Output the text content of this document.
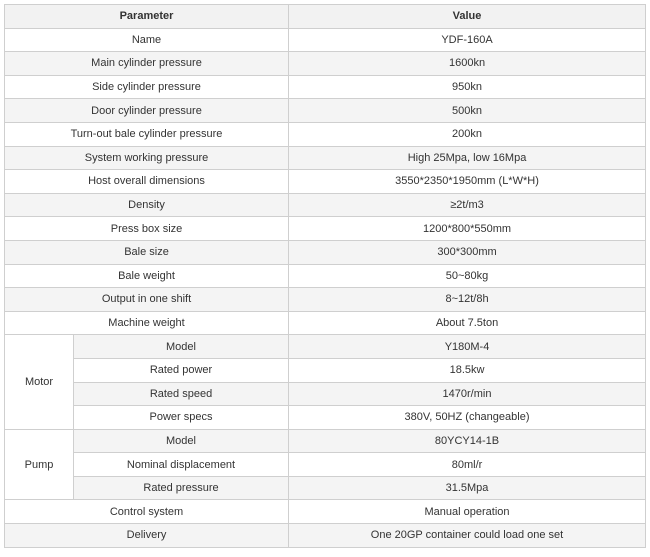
Parameter		Value
Name		YDF-160A
Main cylinder pressure		1600kn
Side cylinder pressure		950kn
Door cylinder pressure		500kn
Turn-out bale cylinder pressure		200kn
System working pressure		High 25Mpa, low 16Mpa
Host overall dimensions		3550*2350*1950mm (L*W*H)
Density		≥2t/m3
Press box size		1200*800*550mm
Bale size		300*300mm
Bale weight		50~80kg
Output in one shift		8~12t/8h
Machine weight		About 7.5ton
Motor	Model	Y180M-4
	Rated power	18.5kw
	Rated speed	1470r/min
	Power specs	380V, 50HZ (changeable)
Pump	Model	80YCY14-1B
	Nominal displacement	80ml/r
	Rated pressure	31.5Mpa
Control system		Manual operation
Delivery		One 20GP container could load one set
